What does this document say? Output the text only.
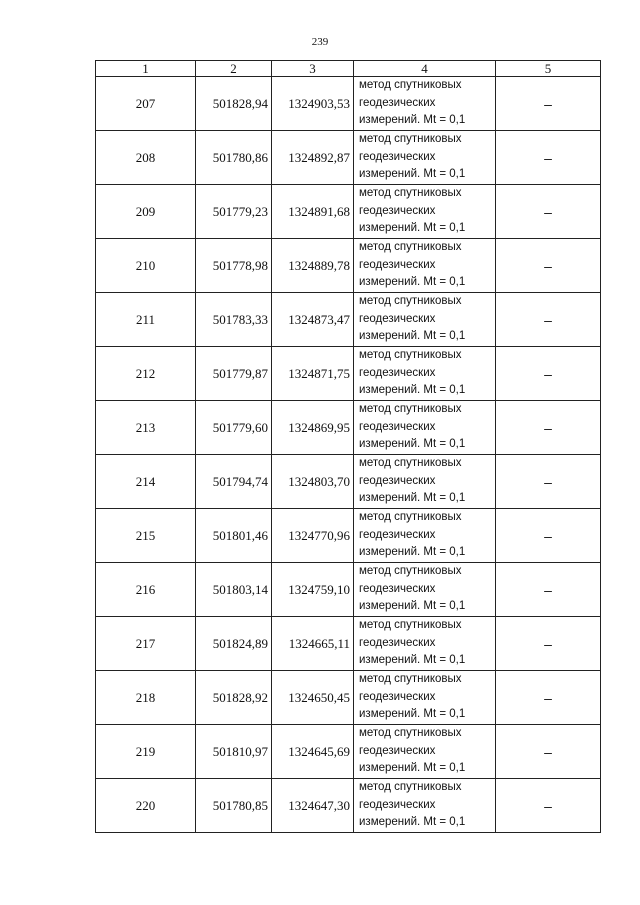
239
1	2	3	4	5
207	501828,94	1324903,53	метод спутниковых
геодезических
измерений. Mt = 0,1	–
208	501780,86	1324892,87	метод спутниковых
геодезических
измерений. Mt = 0,1	–
209	501779,23	1324891,68	метод спутниковых
геодезических
измерений. Mt = 0,1	–
210	501778,98	1324889,78	метод спутниковых
геодезических
измерений. Mt = 0,1	–
211	501783,33	1324873,47	метод спутниковых
геодезических
измерений. Mt = 0,1	–
212	501779,87	1324871,75	метод спутниковых
геодезических
измерений. Mt = 0,1	–
213	501779,60	1324869,95	метод спутниковых
геодезических
измерений. Mt = 0,1	–
214	501794,74	1324803,70	метод спутниковых
геодезических
измерений. Mt = 0,1	–
215	501801,46	1324770,96	метод спутниковых
геодезических
измерений. Mt = 0,1	–
216	501803,14	1324759,10	метод спутниковых
геодезических
измерений. Mt = 0,1	–
217	501824,89	1324665,11	метод спутниковых
геодезических
измерений. Mt = 0,1	–
218	501828,92	1324650,45	метод спутниковых
геодезических
измерений. Mt = 0,1	–
219	501810,97	1324645,69	метод спутниковых
геодезических
измерений. Mt = 0,1	–
220	501780,85	1324647,30	метод спутниковых
геодезических
измерений. Mt = 0,1	–
